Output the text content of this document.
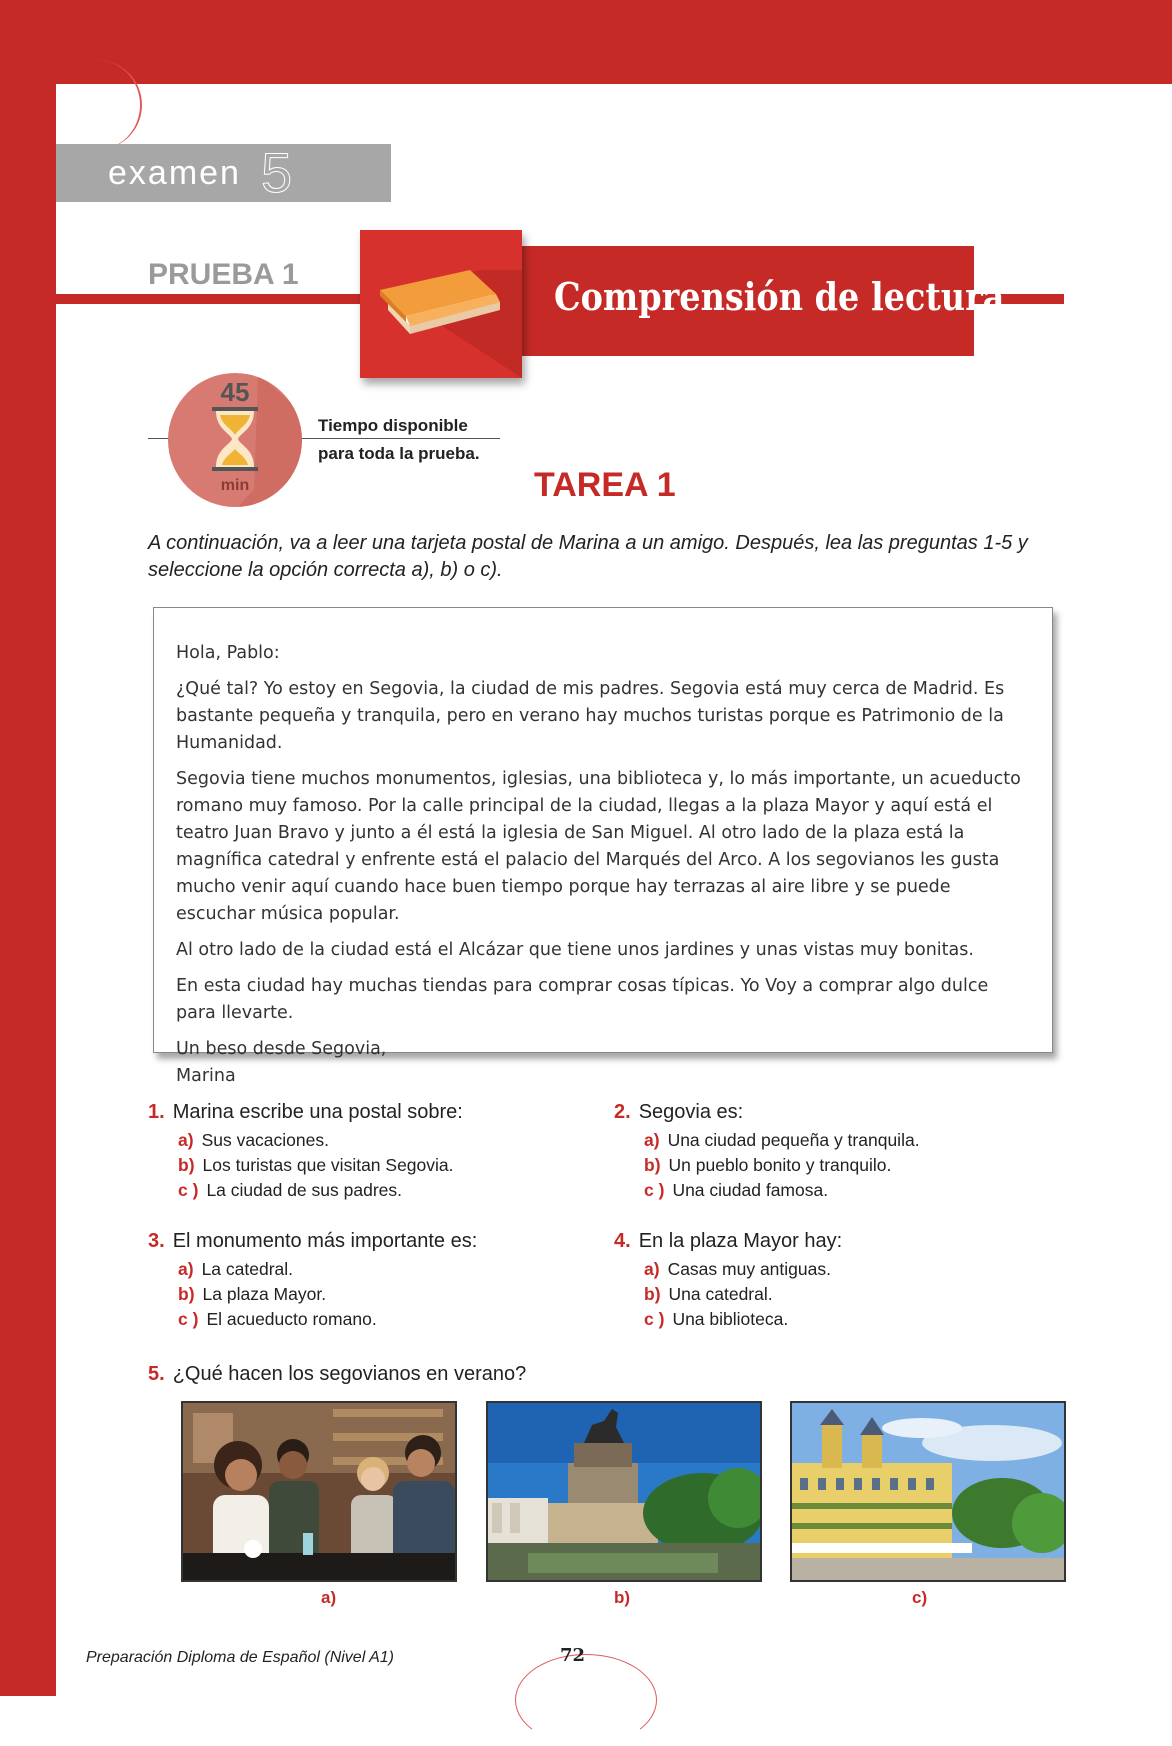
examen 5
PRUEBA 1	Comprensión de lectura
45
min
Tiempo disponible
para toda la prueba.
TAREA 1
A continuación, va a leer una tarjeta postal de Marina a un amigo. Después, lea las preguntas 1-5 y seleccione la opción correcta a), b) o c).

Hola, Pablo:

¿Qué tal? Yo estoy en Segovia, la ciudad de mis padres. Segovia está muy cerca de Madrid. Es bastante pequeña y tranquila, pero en verano hay muchos turistas porque es Patrimonio de la Humanidad.

Segovia tiene muchos monumentos, iglesias, una biblioteca y, lo más importante, un acueducto romano muy famoso. Por la calle principal de la ciudad, llegas a la plaza Mayor y aquí está el teatro Juan Bravo y junto a él está la iglesia de San Miguel. Al otro lado de la plaza está la magnífica catedral y enfrente está el palacio del Marqués del Arco. A los segovianos les gusta mucho venir aquí cuando hace buen tiempo porque hay terrazas al aire libre y se puede escuchar música popular.

Al otro lado de la ciudad está el Alcázar que tiene unos jardines y unas vistas muy bonitas.

En esta ciudad hay muchas tiendas para comprar cosas típicas. Yo Voy a comprar algo dulce para llevarte.

Un beso desde Segovia,

Marina

1. Marina escribe una postal sobre:
a) Sus vacaciones.
b) Los turistas que visitan Segovia.
c ) La ciudad de sus padres.
2. Segovia es:
a) Una ciudad pequeña y tranquila.
b) Un pueblo bonito y tranquilo.
c ) Una ciudad famosa.
3. El monumento más importante es:
a) La catedral.
b) La plaza Mayor.
c ) El acueducto romano.
4. En la plaza Mayor hay:
a) Casas muy antiguas.
b) Una catedral.
c ) Una biblioteca.
5. ¿Qué hacen los segovianos en verano?
a)	b)	c)
Preparación Diploma de Español (Nivel A1)	72
